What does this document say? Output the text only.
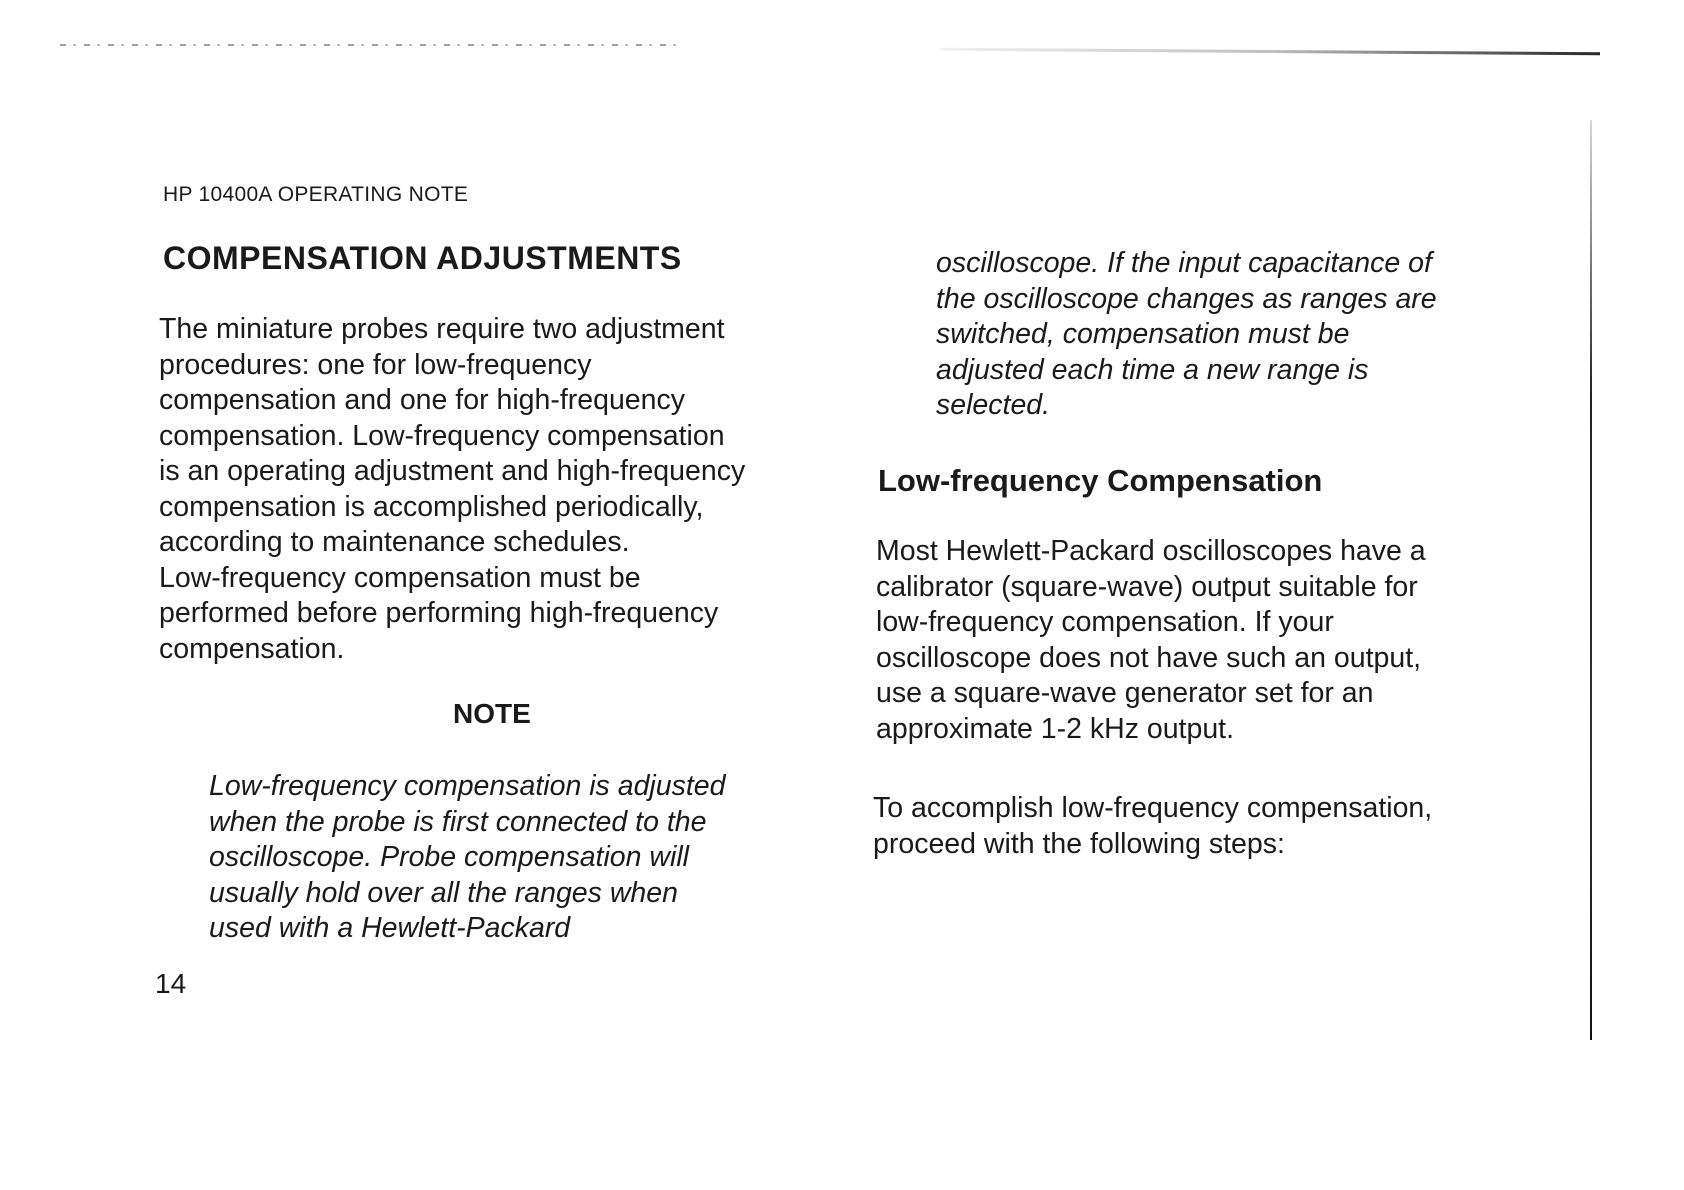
HP 10400A OPERATING NOTE
COMPENSATION ADJUSTMENTS

The miniature probes require two adjustment
procedures: one for low-frequency
compensation and one for high-frequency
compensation. Low-frequency compensation
is an operating adjustment and high-frequency
compensation is accomplished periodically,
according to maintenance schedules.
Low-frequency compensation must be
performed before performing high-frequency
compensation.

NOTE

Low-frequency compensation is adjusted
when the probe is first connected to the
oscilloscope. Probe compensation will
usually hold over all the ranges when
used with a Hewlett-Packard

14

oscilloscope. If the input capacitance of
the oscilloscope changes as ranges are
switched, compensation must be
adjusted each time a new range is
selected.

Low-frequency Compensation

Most Hewlett-Packard oscilloscopes have a
calibrator (square-wave) output suitable for
low-frequency compensation. If your
oscilloscope does not have such an output,
use a square-wave generator set for an
approximate 1-2 kHz output.

To accomplish low-frequency compensation,
proceed with the following steps:
